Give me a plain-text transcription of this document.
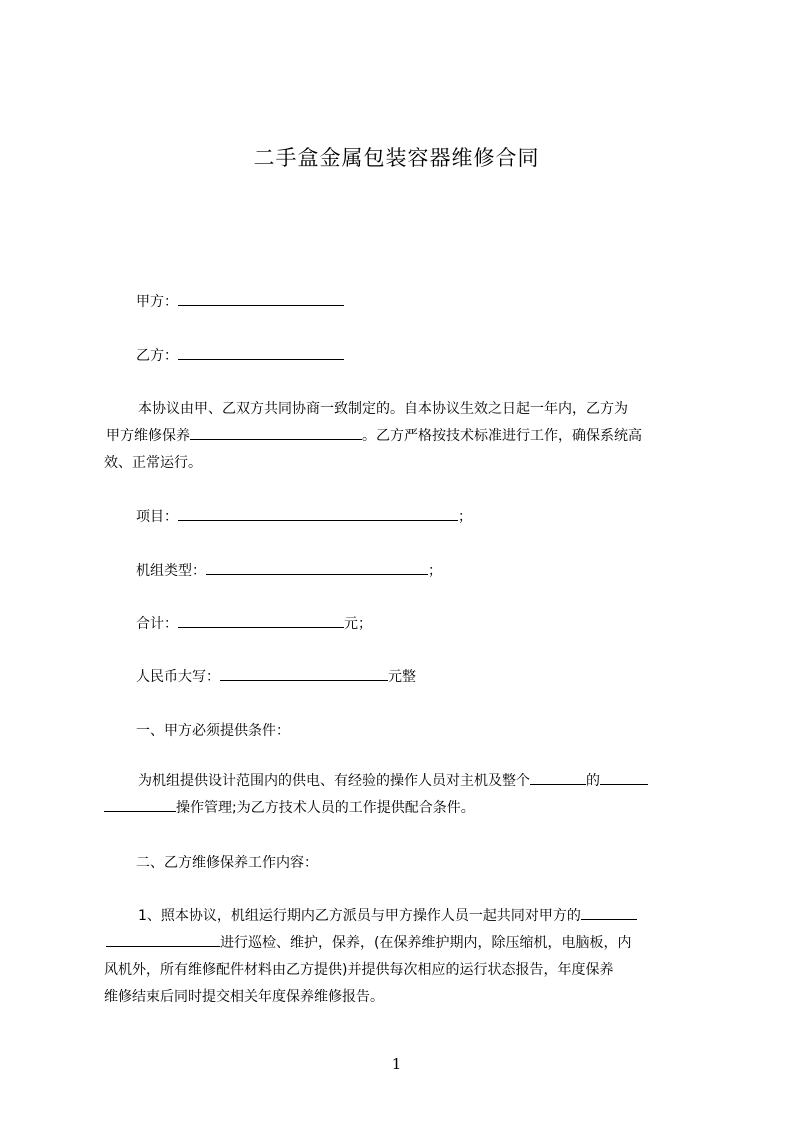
二手盒金属包装容器维修合同
甲方：
乙方：
本协议由甲、乙双方共同协商一致制定的。自本协议生效之日起一年内，乙方为
甲方维修保养	。乙方严格按技术标准进行工作，确保系统高
效、正常运行。
项目：	；
机组类型：	；
合计：	元；
人民币大写：	元整
一、甲方必须提供条件：
为机组提供设计范围内的供电、有经验的操作人员对主机及整个	的
操作管理;为乙方技术人员的工作提供配合条件。
二、乙方维修保养工作内容：
1、照本协议，机组运行期内乙方派员与甲方操作人员一起共同对甲方的
进行巡检、维护，保养，(在保养维护期内，除压缩机，电脑板，内
风机外，所有维修配件材料由乙方提供)并提供每次相应的运行状态报告，年度保养
维修结束后同时提交相关年度保养维修报告。
1
